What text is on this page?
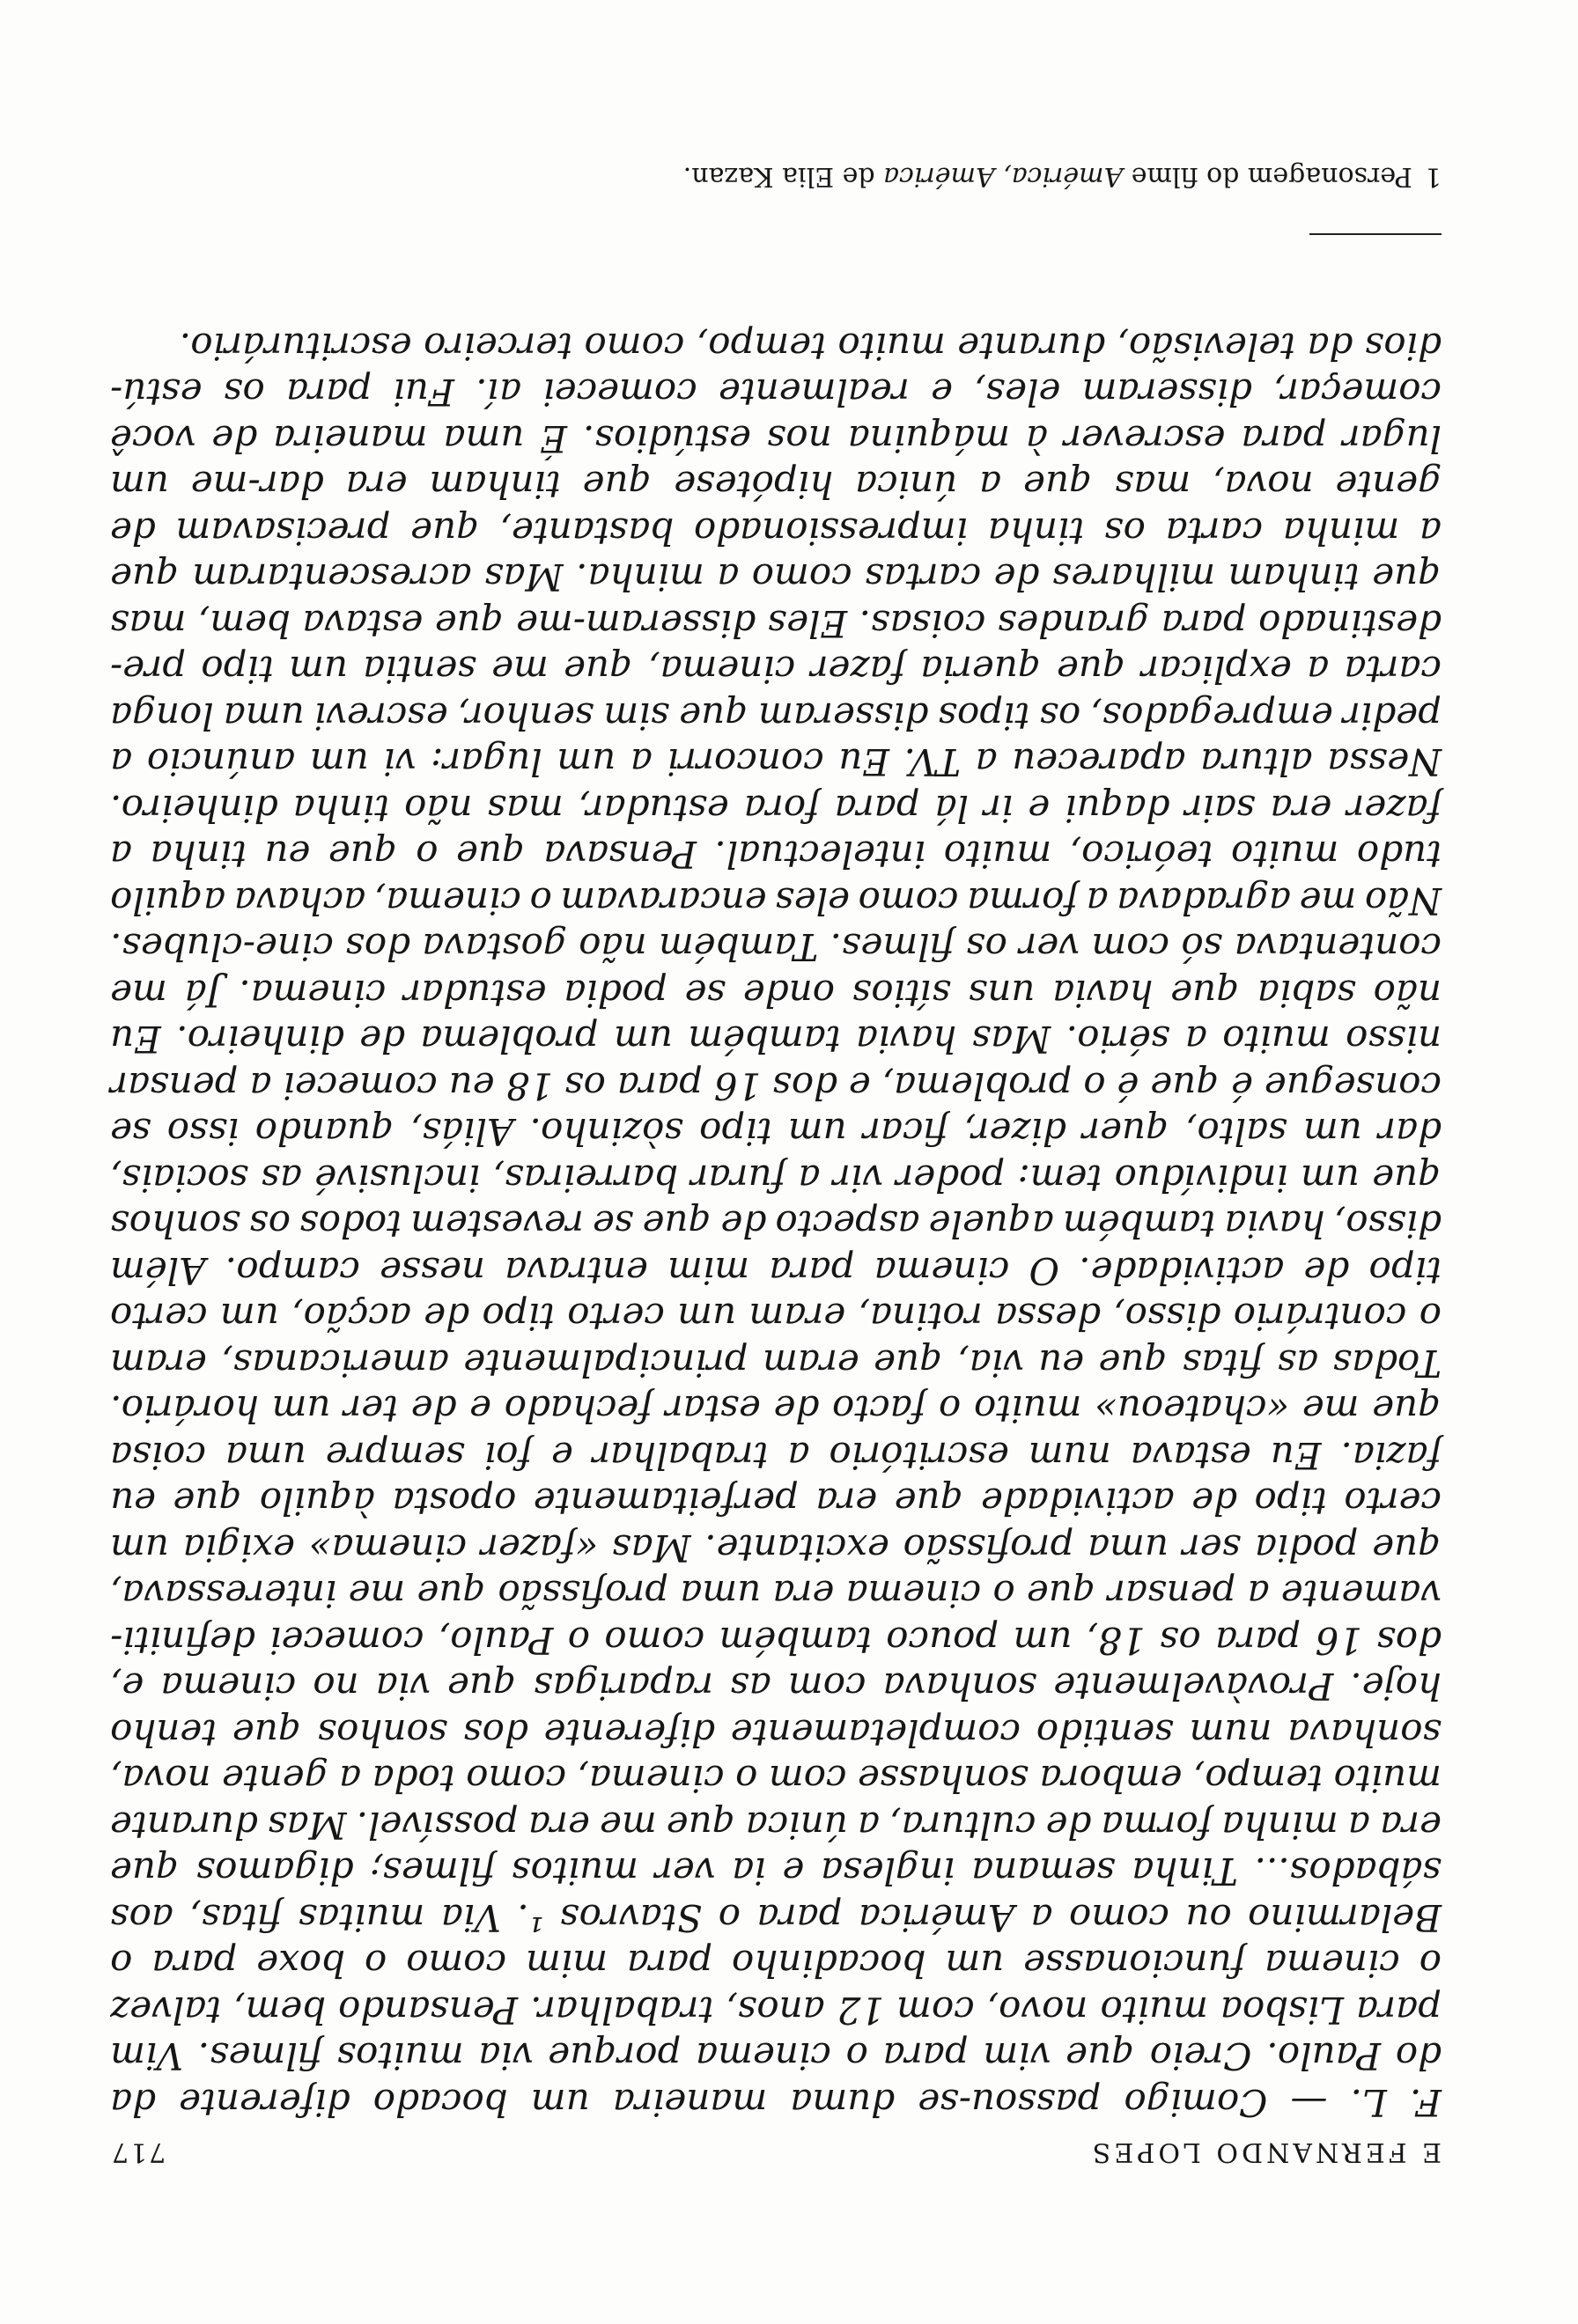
E FERNANDO LOPES
717
F.
L.
—
Comigo
passou-se
duma
maneira
um
bocado
diferente
da
do
Paulo.
Creio
que
vim
para
o
cinema
porque
via
muitos
filmes.
Vim
para
Lisboa
muito
novo,
com
12
anos,
trabalhar.
Pensando
bem,
talvez
o
cinema
funcionasse
um
bocadinho
para
mim
como
o
boxe
para
o
Belarmino
ou
como
a
América
para
o
Stavros
¹.
Via
muitas
fitas,
aos
sábados...
Tinha
semana
inglesa
e
ia
ver
muitos
filmes;
digamos
que
era
a
minha
forma
de
cultura,
a
única
que
me
era
possível.
Mas
durante
muito
tempo,
embora
sonhasse
com
o
cinema,
como
toda
a
gente
nova,
sonhava
num
sentido
completamente
diferente
dos
sonhos
que
tenho
hoje.
Provàvelmente
sonhava
com
as
raparigas
que
via
no
cinema
e,
dos
16
para
os
18,
um
pouco
também
como
o
Paulo,
comecei
definiti-
vamente
a
pensar
que
o
cinema
era
uma
profissão
que
me
interessava,
que
podia
ser
uma
profissão
excitante.
Mas
«fazer
cinema»
exigia
um
certo
tipo
de
actividade
que
era
perfeitamente
oposta
àquilo
que
eu
fazia.
Eu
estava
num
escritório
a
trabalhar
e
foi
sempre
uma
coisa
que
me
«chateou»
muito
o
facto
de
estar
fechado
e
de
ter
um
horário.
Todas
as
fitas
que
eu
via,
que
eram
principalmente
americanas,
eram
o
contrário
disso,
dessa
rotina,
eram
um
certo
tipo
de
acção,
um
certo
tipo
de
actividade.
O
cinema
para
mim
entrava
nesse
campo.
Além
disso,
havia
também
aquele
aspecto
de
que
se
revestem
todos
os
sonhos
que
um
indivíduo
tem:
poder
vir
a
furar
barreiras,
inclusivé
as
sociais,
dar
um
salto,
quer
dizer,
ficar
um
tipo
sòzinho.
Aliás,
quando
isso
se
consegue
é
que
é
o
problema,
e
dos
16
para
os
18
eu
comecei
a
pensar
nisso
muito
a
sério.
Mas
havia
também
um
problema
de
dinheiro.
Eu
não
sabia
que
havia
uns
sítios
onde
se
podia
estudar
cinema.
Já
me
contentava
só
com
ver
os
filmes.
Também
não
gostava
dos
cine-clubes.
Não
me
agradava
a
forma
como
eles
encaravam
o
cinema,
achava
aquilo
tudo
muito
teórico,
muito
intelectual.
Pensava
que
o
que
eu
tinha
a
fazer
era
sair
daqui
e
ir
lá
para
fora
estudar,
mas
não
tinha
dinheiro.
Nessa
altura
apareceu
a
TV.
Eu
concorri
a
um
lugar:
vi
um
anúncio
a
pedir
empregados,
os
tipos
disseram
que
sim
senhor,
escrevi
uma
longa
carta
a
explicar
que
queria
fazer
cinema,
que
me
sentia
um
tipo
pre-
destinado
para
grandes
coisas.
Eles
disseram-me
que
estava
bem,
mas
que
tinham
milhares
de
cartas
como
a
minha.
Mas
acrescentaram
que
a
minha
carta
os
tinha
impressionado
bastante,
que
precisavam
de
gente
nova,
mas
que
a
única
hipótese
que
tinham
era
dar-me
um
lugar
para
escrever
à
máquina
nos
estúdios.
É
uma
maneira
de
você
começar,
disseram
eles,
e
realmente
comecei
aí.
Fui
para
os
estú-
dios
da
televisão,
durante
muito
tempo,
como
terceiro
escriturário.
1Personagem do filme América, América de Elia Kazan.
